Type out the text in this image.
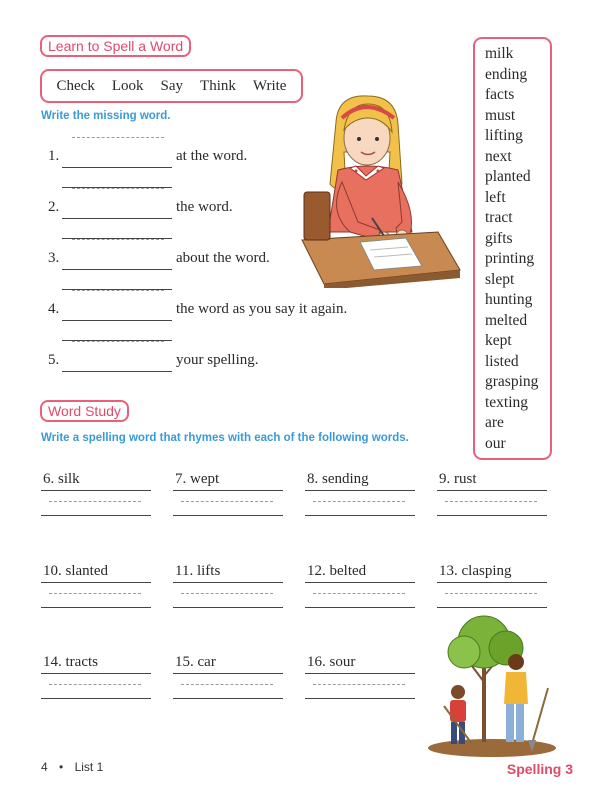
Learn to Spell a Word
Check Look Say Think Write
Write the missing word.
1.	at the word.
2.	the word.
3.	about the word.
4.	the word as you say it again.
5.	your spelling.
milk
ending
facts
must
lifting
next
planted
left
tract
gifts
printing
slept
hunting
melted
kept
listed
grasping
texting
are
our
Word Study
Write a spelling word that rhymes with each of the following words.
6. silk	7. wept	8. sending	9. rust
10. slanted	11. lifts	12. belted	13. clasping
14. tracts	15. car	16. sour
4 • List 1	Spelling 3
